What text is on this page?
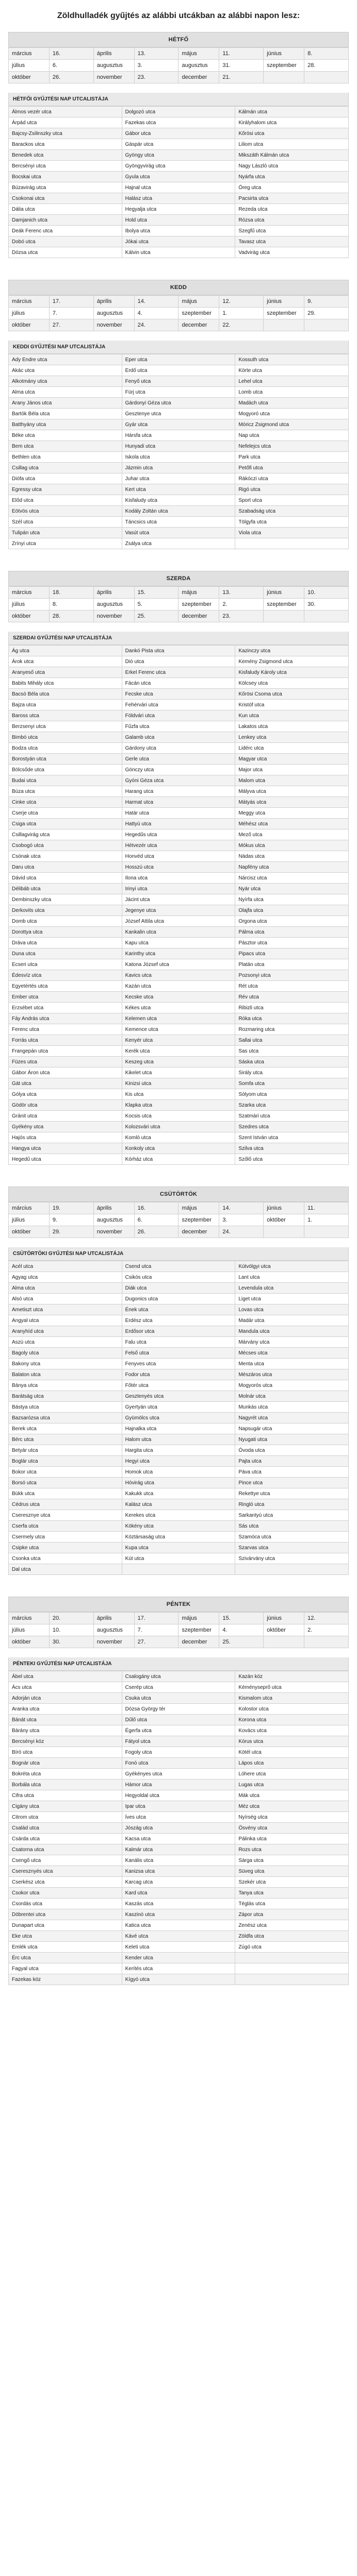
Zöldhulladék gyűjtés az alábbi utcákban az alábbi napon lesz:
HÉTFŐ
március	16.	április	13.	május	11.	június	8.
július	6.	augusztus	3.	augusztus	31.	szeptember	28.
október	26.	november	23.	december	21.		
HÉTFŐI GYŰJTÉSI NAP UTCALISTÁJA
Álmos vezér utca	Dolgozó utca	Kálmán utca
Árpád utca	Fazekas utca	Királyhalom utca
Bajcsy-Zsilinszky utca	Gábor utca	Kőrösi utca
Barackos utca	Gáspár utca	Liliom utca
Benedek utca	Gyöngy utca	Mikszáth Kálmán utca
Bercsényi utca	Gyöngyvirág utca	Nagy László utca
Bocskai utca	Gyula utca	Nyárfa utca
Búzavirág utca	Hajnal utca	Öreg utca
Csokonai utca	Halász utca	Pacsirta utca
Dália utca	Hegyalja utca	Rezeda utca
Damjanich utca	Hold utca	Rózsa utca
Deák Ferenc utca	Ibolya utca	Szegfű utca
Dobó utca	Jókai utca	Tavasz utca
Dózsa utca	Kálvin utca	Vadvirág utca
KEDD
március	17.	április	14.	május	12.	június	9.
július	7.	augusztus	4.	szeptember	1.	szeptember	29.
október	27.	november	24.	december	22.		
KEDDI GYŰJTÉSI NAP UTCALISTÁJA
Ady Endre utca	Eper utca	Kossuth utca
Akác utca	Erdő utca	Körte utca
Alkotmány utca	Fenyő utca	Lehel utca
Alma utca	Fürj utca	Lomb utca
Arany János utca	Gárdonyi Géza utca	Madách utca
Bartók Béla utca	Gesztenye utca	Mogyoró utca
Batthyány utca	Gyár utca	Móricz Zsigmond utca
Béke utca	Hársfa utca	Nap utca
Bem utca	Hunyadi utca	Nefelejcs utca
Bethlen utca	Iskola utca	Park utca
Csillag utca	Jázmin utca	Petőfi utca
Diófa utca	Juhar utca	Rákóczi utca
Egressy utca	Kert utca	Rigó utca
Előd utca	Kisfaludy utca	Sport utca
Eötvös utca	Kodály Zoltán utca	Szabadság utca
Szél utca	Táncsics utca	Tölgyfa utca
Tulipán utca	Vasút utca	Viola utca
Zrínyi utca	Zsálya utca	
SZERDA
március	18.	április	15.	május	13.	június	10.
július	8.	augusztus	5.	szeptember	2.	szeptember	30.
október	28.	november	25.	december	23.		
SZERDAI GYŰJTÉSI NAP UTCALISTÁJA
Ág utca	Dankó Pista utca	Kazinczy utca
Árok utca	Dió utca	Kemény Zsigmond utca
Aranyeső utca	Erkel Ferenc utca	Kisfaludy Károly utca
Babits Mihály utca	Fácán utca	Kölcsey utca
Bacsó Béla utca	Fecske utca	Kőrösi Csoma utca
Bajza utca	Fehérvári utca	Kristóf utca
Baross utca	Földvári utca	Kun utca
Berzsenyi utca	Fűzfa utca	Lakatos utca
Bimbó utca	Galamb utca	Lenkey utca
Bodza utca	Gárdony utca	Lidérc utca
Borostyán utca	Gerle utca	Magyar utca
Bölcsőde utca	Gönczy utca	Major utca
Budai utca	Gyóni Géza utca	Malom utca
Búza utca	Harang utca	Mályva utca
Cinke utca	Harmat utca	Mátyás utca
Cserje utca	Határ utca	Meggy utca
Csiga utca	Hattyú utca	Méhész utca
Csillagvirág utca	Hegedűs utca	Mező utca
Csobogó utca	Hétvezér utca	Mókus utca
Csónak utca	Honvéd utca	Nádas utca
Daru utca	Hosszú utca	Napfény utca
Dávid utca	Ilona utca	Nárcisz utca
Délibáb utca	Irinyi utca	Nyár utca
Dembinszky utca	Jácint utca	Nyírfa utca
Derkovits utca	Jegenye utca	Olajfa utca
Domb utca	József Attila utca	Orgona utca
Dorottya utca	Kankalin utca	Pálma utca
Dráva utca	Kapu utca	Pásztor utca
Duna utca	Karinthy utca	Pipacs utca
Ecseri utca	Katona József utca	Platán utca
Édesvíz utca	Kavics utca	Pozsonyi utca
Egyetértés utca	Kazán utca	Rét utca
Ember utca	Kecske utca	Rév utca
Erzsébet utca	Kékes utca	Ribizli utca
Fáy András utca	Kelemen utca	Róka utca
Ferenc utca	Kemence utca	Rozmaring utca
Forrás utca	Kenyér utca	Sallai utca
Frangepán utca	Kerék utca	Sas utca
Füzes utca	Keszeg utca	Sáska utca
Gábor Áron utca	Kikelet utca	Sirály utca
Gát utca	Kinizsi utca	Somfa utca
Gólya utca	Kis utca	Sólyom utca
Gödör utca	Klapka utca	Szarka utca
Gránit utca	Kocsis utca	Szatmári utca
Gyékény utca	Kolozsvári utca	Szedres utca
Hajós utca	Komló utca	Szent István utca
Hangya utca	Konkoly utca	Szilva utca
Hegedű utca	Kórház utca	Szőlő utca
CSÜTÖRTÖK
március	19.	április	16.	május	14.	június	11.
július	9.	augusztus	6.	szeptember	3.	október	1.
október	29.	november	26.	december	24.		
CSÜTÖRTÖKI GYŰJTÉSI NAP UTCALISTÁJA
Acél utca	Csend utca	Kútvölgyi utca
Agyag utca	Csikós utca	Lant utca
Alma utca	Diák utca	Levendula utca
Alsó utca	Dugonics utca	Liget utca
Ametiszt utca	Ének utca	Lovas utca
Angyal utca	Erdész utca	Madár utca
Aranyhíd utca	Erdősor utca	Mandula utca
Aszú utca	Falu utca	Márvány utca
Bagoly utca	Felső utca	Mécses utca
Bakony utca	Fenyves utca	Menta utca
Balaton utca	Fodor utca	Mészáros utca
Bánya utca	Főtér utca	Mogyorós utca
Barátság utca	Gesztenyés utca	Molnár utca
Bástya utca	Gyertyán utca	Munkás utca
Bazsarózsa utca	Gyümölcs utca	Nagyrét utca
Berek utca	Hajnalka utca	Napsugár utca
Bérc utca	Halom utca	Nyugati utca
Betyár utca	Hargita utca	Óvoda utca
Boglár utca	Hegyi utca	Pajta utca
Bokor utca	Homok utca	Páva utca
Borsó utca	Hóvirág utca	Pince utca
Bükk utca	Kakukk utca	Rekettye utca
Cédrus utca	Kalász utca	Ringló utca
Cseresznye utca	Kerekes utca	Sarkantyú utca
Cserfa utca	Kökény utca	Sás utca
Csermely utca	Köztársaság utca	Szamóca utca
Csipke utca	Kupa utca	Szarvas utca
Csonka utca	Kút utca	Szivárvány utca
Dal utca		
PÉNTEK
március	20.	április	17.	május	15.	június	12.
július	10.	augusztus	7.	szeptember	4.	október	2.
október	30.	november	27.	december	25.		
PÉNTEKI GYŰJTÉSI NAP UTCALISTÁJA
Ábel utca	Csalogány utca	Kazán köz
Ács utca	Cserép utca	Kéményseprő utca
Adorján utca	Csuka utca	Kismalom utca
Aranka utca	Dózsa György tér	Kolostor utca
Bánát utca	Dűlő utca	Korona utca
Bárány utca	Égerfa utca	Kovács utca
Bercsényi köz	Fátyol utca	Kórus utca
Bíró utca	Fogoly utca	Kötél utca
Bognár utca	Fonó utca	Lápos utca
Bokréta utca	Gyékényes utca	Lóhere utca
Borbála utca	Hámor utca	Lugas utca
Cifra utca	Hegyoldal utca	Mák utca
Cigány utca	Ipar utca	Méz utca
Citrom utca	Íves utca	Nyírség utca
Család utca	Jószág utca	Ösvény utca
Csárda utca	Kacsa utca	Pálinka utca
Csatorna utca	Kalmár utca	Rozs utca
Csengő utca	Kanális utca	Sárga utca
Cseresznyés utca	Kanizsa utca	Süveg utca
Cserkész utca	Karcag utca	Szekér utca
Csokor utca	Kard utca	Tanya utca
Csordás utca	Kaszás utca	Téglás utca
Döbrentei utca	Kaszinó utca	Zápor utca
Dunapart utca	Katica utca	Zenész utca
Eke utca	Kávé utca	Zöldfa utca
Emlék utca	Keleti utca	Zúgó utca
Érc utca	Kender utca	
Fagyal utca	Kerítés utca	
Fazekas köz	Kígyó utca	
